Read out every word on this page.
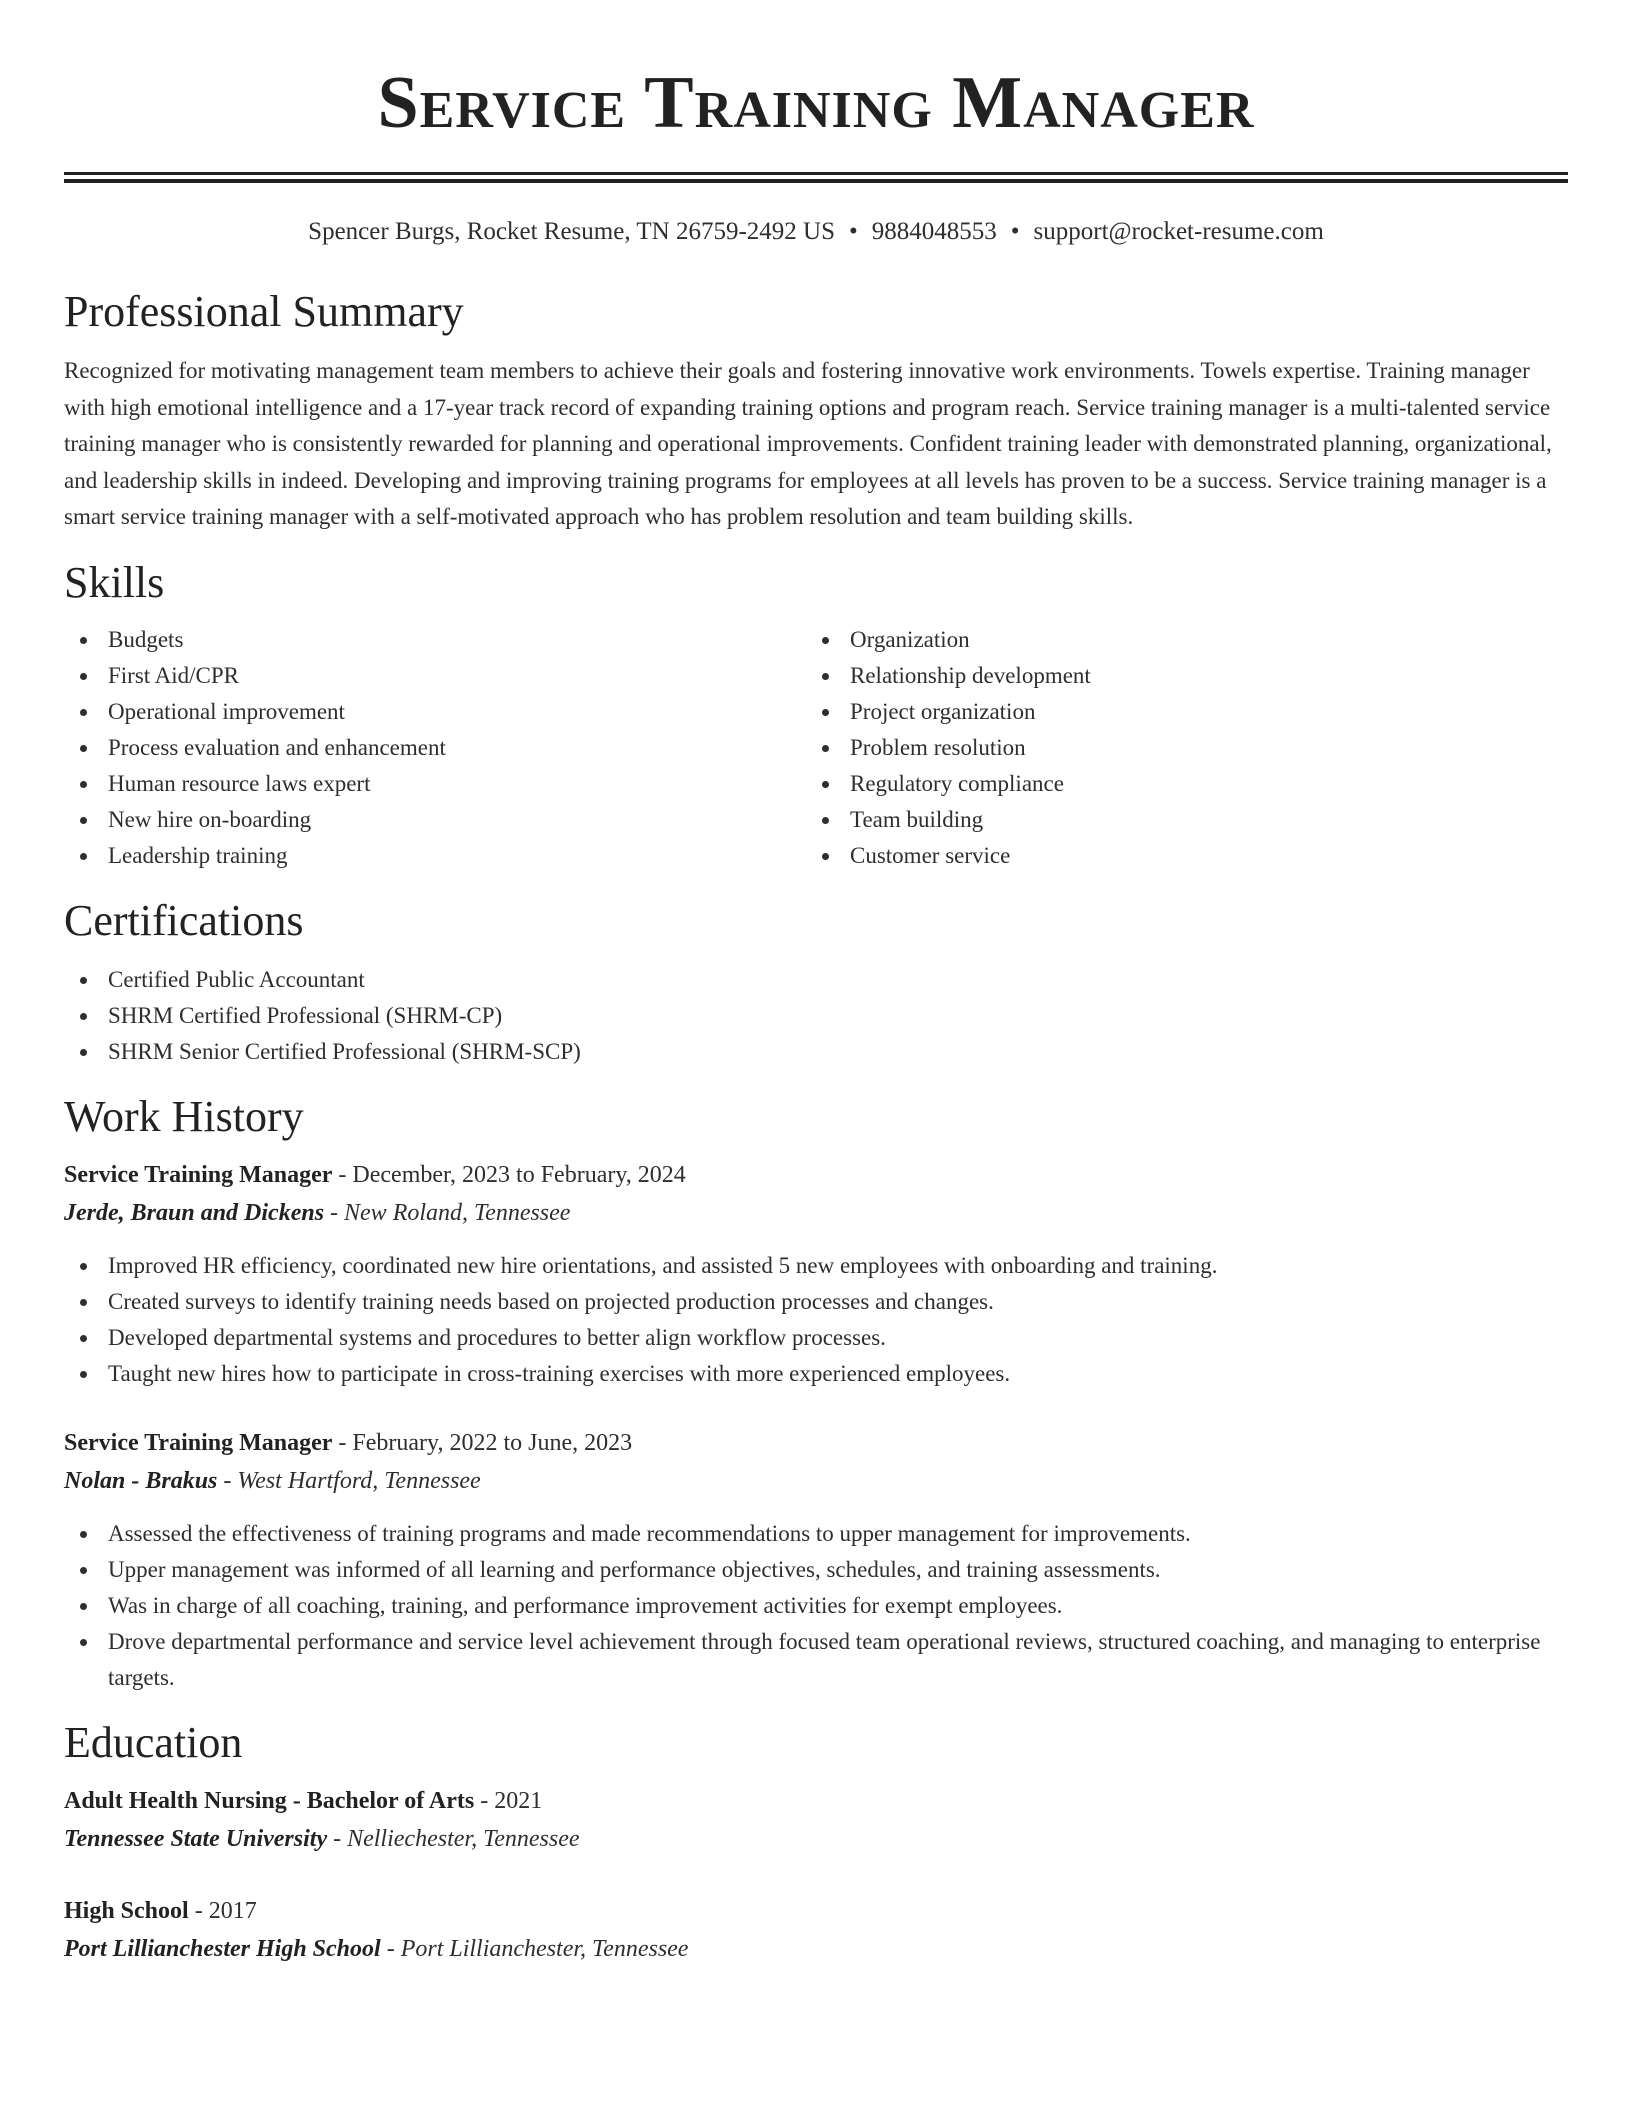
Service Training Manager
Spencer Burgs, Rocket Resume, TN 26759-2492 US • 9884048553 • support@rocket-resume.com
Professional Summary

Recognized for motivating management team members to achieve their goals and fostering innovative work environments. Towels expertise. Training manager with high emotional intelligence and a 17-year track record of expanding training options and program reach. Service training manager is a multi-talented service training manager who is consistently rewarded for planning and operational improvements. Confident training leader with demonstrated planning, organizational, and leadership skills in indeed. Developing and improving training programs for employees at all levels has proven to be a success. Service training manager is a smart service training manager with a self-motivated approach who has problem resolution and team building skills.

Skills
Budgets
First Aid/CPR
Operational improvement
Process evaluation and enhancement
Human resource laws expert
New hire on-boarding
Leadership training
Organization
Relationship development
Project organization
Problem resolution
Regulatory compliance
Team building
Customer service
Certifications
Certified Public Accountant
SHRM Certified Professional (SHRM-CP)
SHRM Senior Certified Professional (SHRM-SCP)
Work History
Service Training Manager - December, 2023 to February, 2024
Jerde, Braun and Dickens - New Roland, Tennessee
Improved HR efficiency, coordinated new hire orientations, and assisted 5 new employees with onboarding and training.
Created surveys to identify training needs based on projected production processes and changes.
Developed departmental systems and procedures to better align workflow processes.
Taught new hires how to participate in cross-training exercises with more experienced employees.
Service Training Manager - February, 2022 to June, 2023
Nolan - Brakus - West Hartford, Tennessee
Assessed the effectiveness of training programs and made recommendations to upper management for improvements.
Upper management was informed of all learning and performance objectives, schedules, and training assessments.
Was in charge of all coaching, training, and performance improvement activities for exempt employees.
Drove departmental performance and service level achievement through focused team operational reviews, structured coaching, and managing to enterprise targets.
Education
Adult Health Nursing - Bachelor of Arts - 2021
Tennessee State University - Nelliechester, Tennessee
High School - 2017
Port Lillianchester High School - Port Lillianchester, Tennessee
